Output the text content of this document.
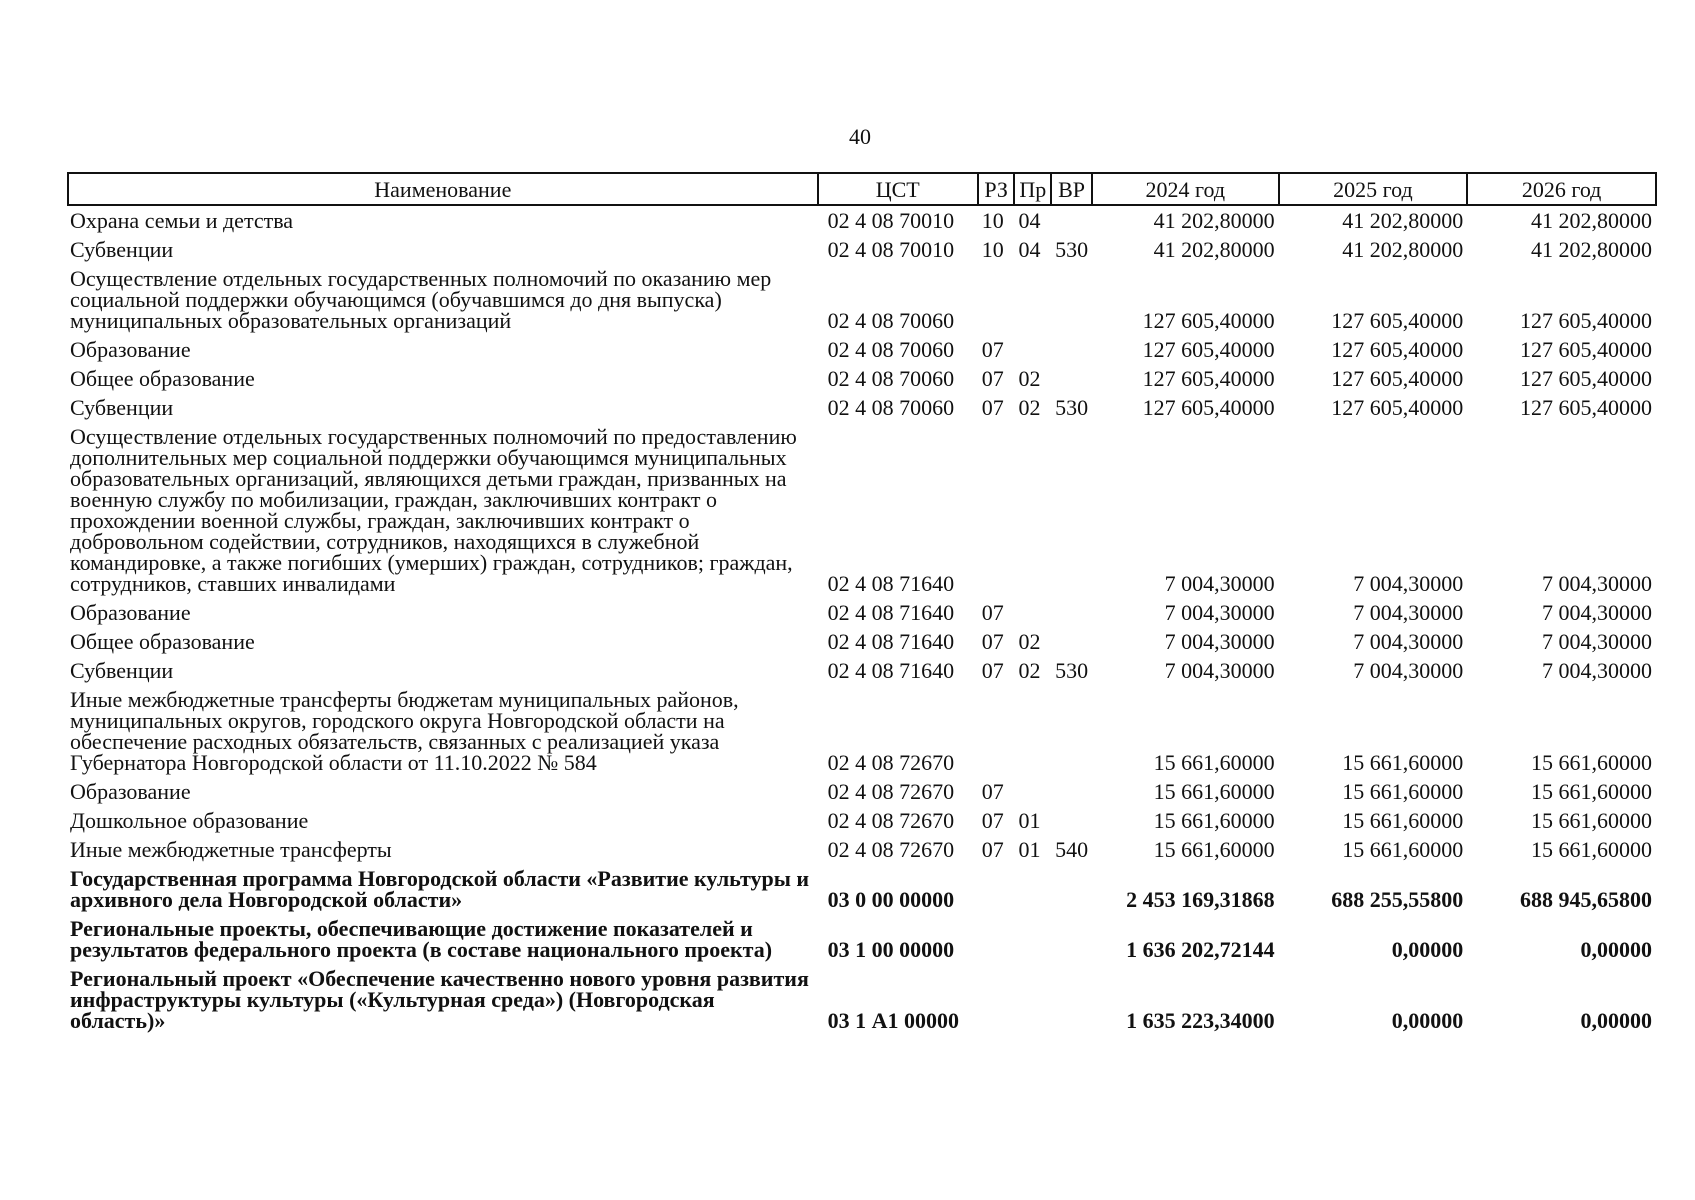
40
Наименование	ЦСТ	РЗ	Пр	ВР	2024 год	2025 год	2026 год
Охрана семьи и детства	02 4 08 70010	10	04		41 202,80000	41 202,80000	41 202,80000
Субвенции	02 4 08 70010	10	04	530	41 202,80000	41 202,80000	41 202,80000
Осуществление отдельных государственных полномочий по оказанию мер социальной поддержки обучающимся (обучавшимся до дня выпуска) муниципальных образовательных организаций	02 4 08 70060				127 605,40000	127 605,40000	127 605,40000
Образование	02 4 08 70060	07			127 605,40000	127 605,40000	127 605,40000
Общее образование	02 4 08 70060	07	02		127 605,40000	127 605,40000	127 605,40000
Субвенции	02 4 08 70060	07	02	530	127 605,40000	127 605,40000	127 605,40000
Осуществление отдельных государственных полномочий по предоставлению дополнительных мер социальной поддержки обучающимся муниципальных образовательных организаций, являющихся детьми граждан, призванных на военную службу по мобилизации, граждан, заключивших контракт о прохождении военной службы, граждан, заключивших контракт о добровольном содействии, сотрудников, находящихся в служебной командировке, а также погибших (умерших) граждан, сотрудников; граждан, сотрудников, ставших инвалидами	02 4 08 71640				7 004,30000	7 004,30000	7 004,30000
Образование	02 4 08 71640	07			7 004,30000	7 004,30000	7 004,30000
Общее образование	02 4 08 71640	07	02		7 004,30000	7 004,30000	7 004,30000
Субвенции	02 4 08 71640	07	02	530	7 004,30000	7 004,30000	7 004,30000
Иные межбюджетные трансферты бюджетам муниципальных районов, муниципальных округов, городского округа Новгородской области на обеспечение расходных обязательств, связанных с реализацией указа Губернатора Новгородской области от 11.10.2022 № 584	02 4 08 72670				15 661,60000	15 661,60000	15 661,60000
Образование	02 4 08 72670	07			15 661,60000	15 661,60000	15 661,60000
Дошкольное образование	02 4 08 72670	07	01		15 661,60000	15 661,60000	15 661,60000
Иные межбюджетные трансферты	02 4 08 72670	07	01	540	15 661,60000	15 661,60000	15 661,60000
Государственная программа Новгородской области «Развитие культуры и архивного дела Новгородской области»	03 0 00 00000				2 453 169,31868	688 255,55800	688 945,65800
Региональные проекты, обеспечивающие достижение показателей и результатов федерального проекта (в составе национального проекта)	03 1 00 00000				1 636 202,72144	0,00000	0,00000
Региональный проект «Обеспечение качественно нового уровня развития инфраструктуры культуры («Культурная среда») (Новгородская область)»	03 1 А1 00000				1 635 223,34000	0,00000	0,00000
